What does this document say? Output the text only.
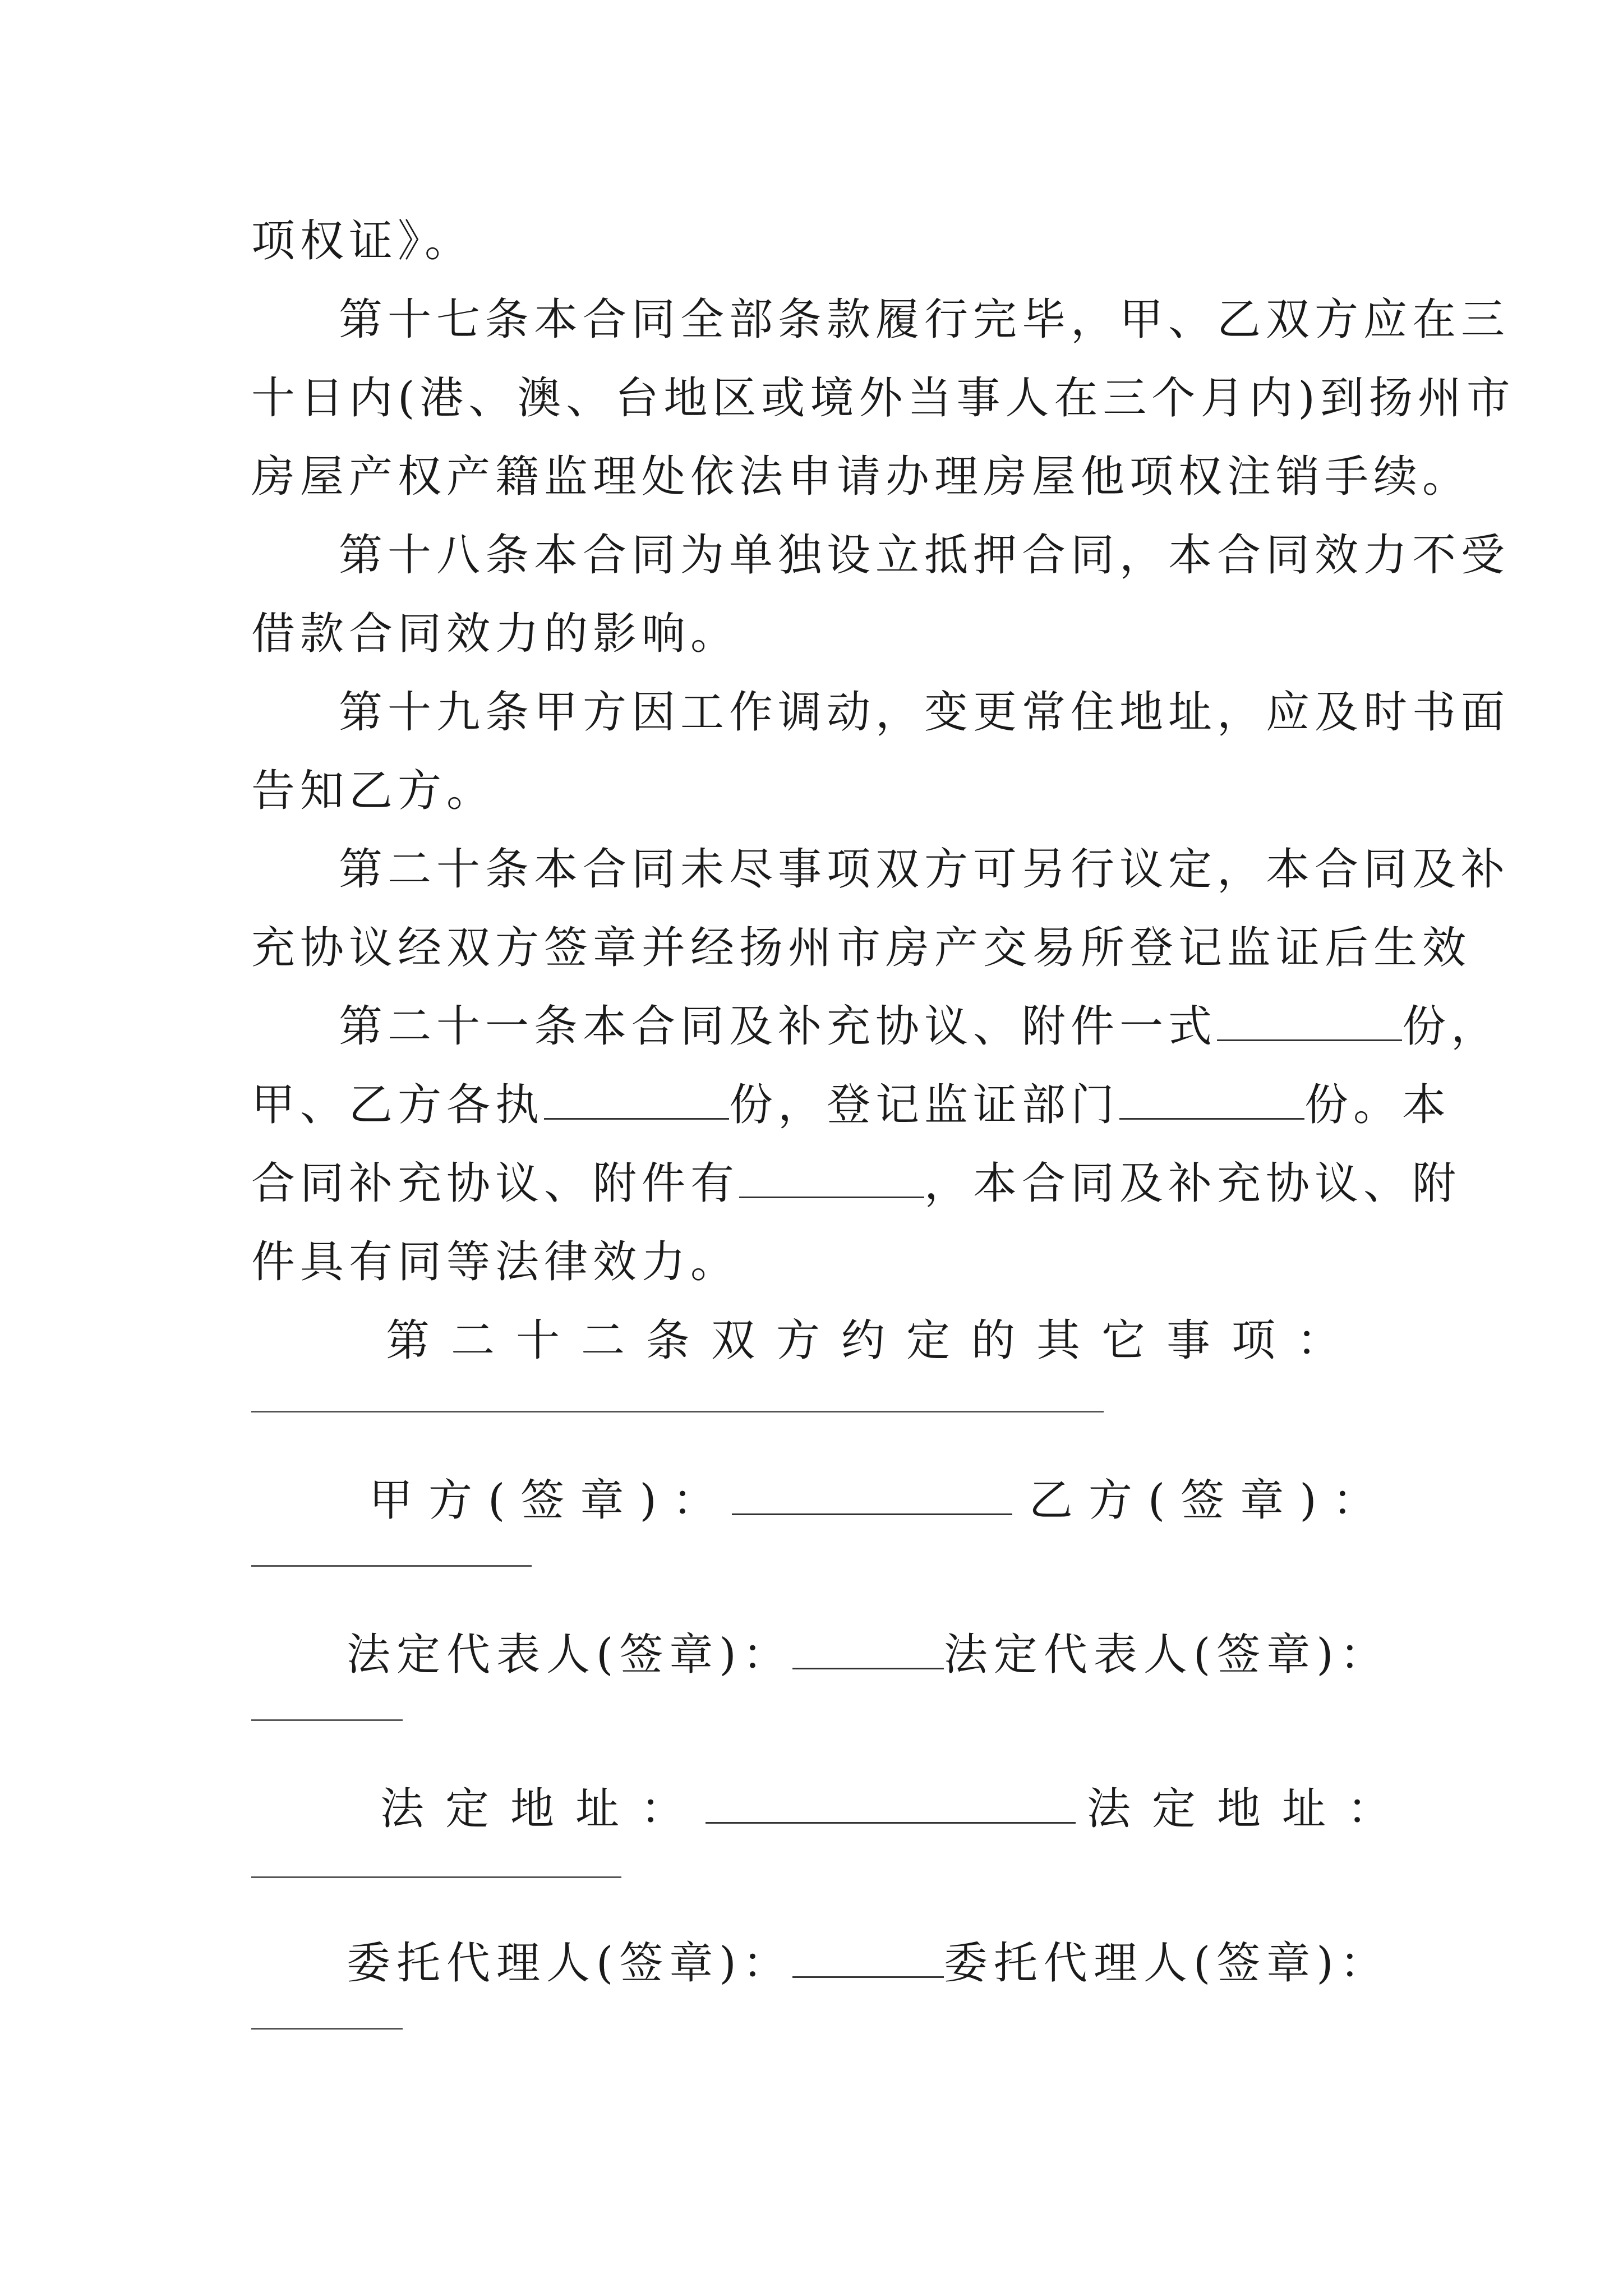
项权证》。
第十七条本合同全部条款履行完毕，甲、乙双方应在三
十日内(港、澳、台地区或境外当事人在三个月内)到扬州市
房屋产权产籍监理处依法申请办理房屋他项权注销手续。
第十八条本合同为单独设立抵押合同，本合同效力不受
借款合同效力的影响。
第十九条甲方因工作调动，变更常住地址，应及时书面
告知乙方。
第二十条本合同未尽事项双方可另行议定，本合同及补
充协议经双方签章并经扬州市房产交易所登记监证后生效
第二十一条本合同及补充协议、附件一式	份，
甲、乙方各执	份，登记监证部门	份。本
合同补充协议、附件有	，本合同及补充协议、附
件具有同等法律效力。
第二十二条双方约定的其它事项：
甲方(签章)：	乙方(签章)：
法定代表人(签章)：	法定代表人(签章)：
法定地址：	法定地址：
委托代理人(签章)：	委托代理人(签章)：
